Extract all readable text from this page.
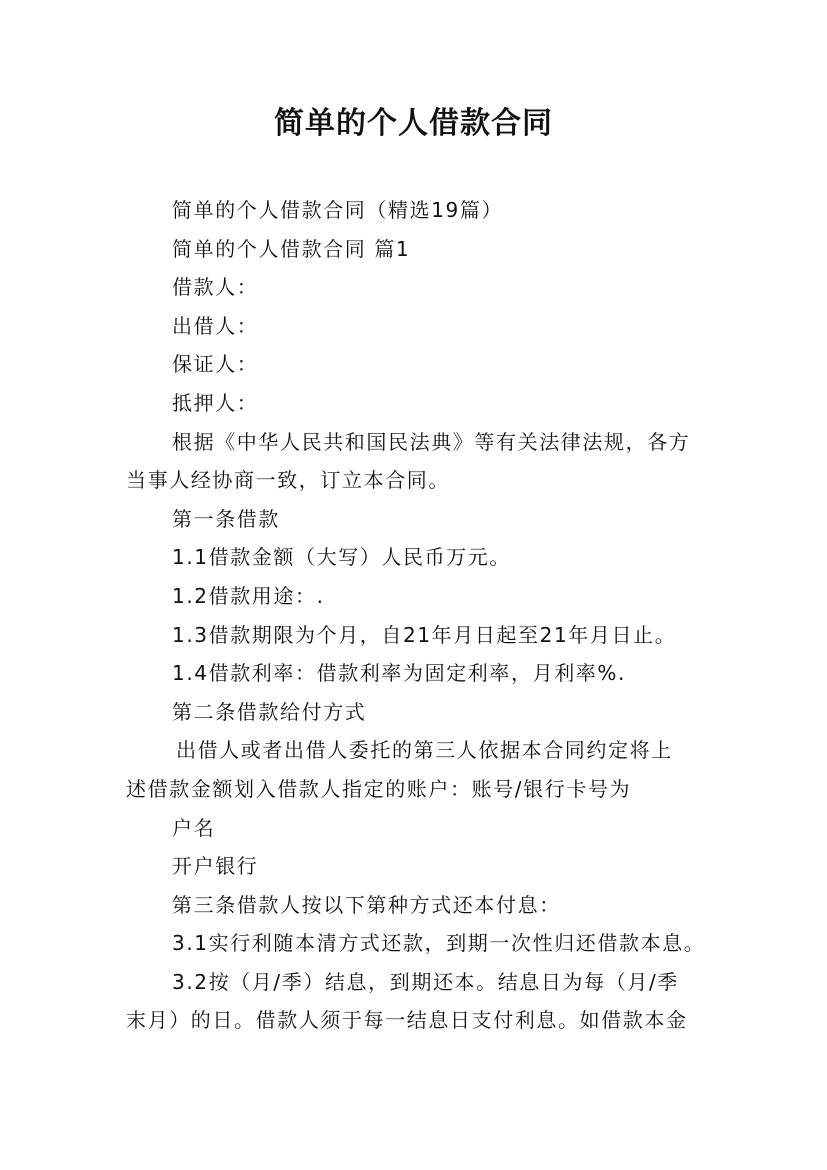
简单的个人借款合同

简单的个人借款合同（精选19篇）

简单的个人借款合同 篇1

借款人：

出借人：

保证人：

抵押人：

根据《中华人民共和国民法典》等有关法律法规，各方

当事人经协商一致，订立本合同。

第一条借款

1.1借款金额（大写）人民币万元。

1.2借款用途：.

1.3借款期限为个月，自21年月日起至21年月日止。

1.4借款利率：借款利率为固定利率，月利率%.

第二条借款给付方式

出借人或者出借人委托的第三人依据本合同约定将上

述借款金额划入借款人指定的账户：账号/银行卡号为

户名

开户银行

第三条借款人按以下第种方式还本付息：

3.1实行利随本清方式还款，到期一次性归还借款本息。

3.2按（月/季）结息，到期还本。结息日为每（月/季

末月）的日。借款人须于每一结息日支付利息。如借款本金
